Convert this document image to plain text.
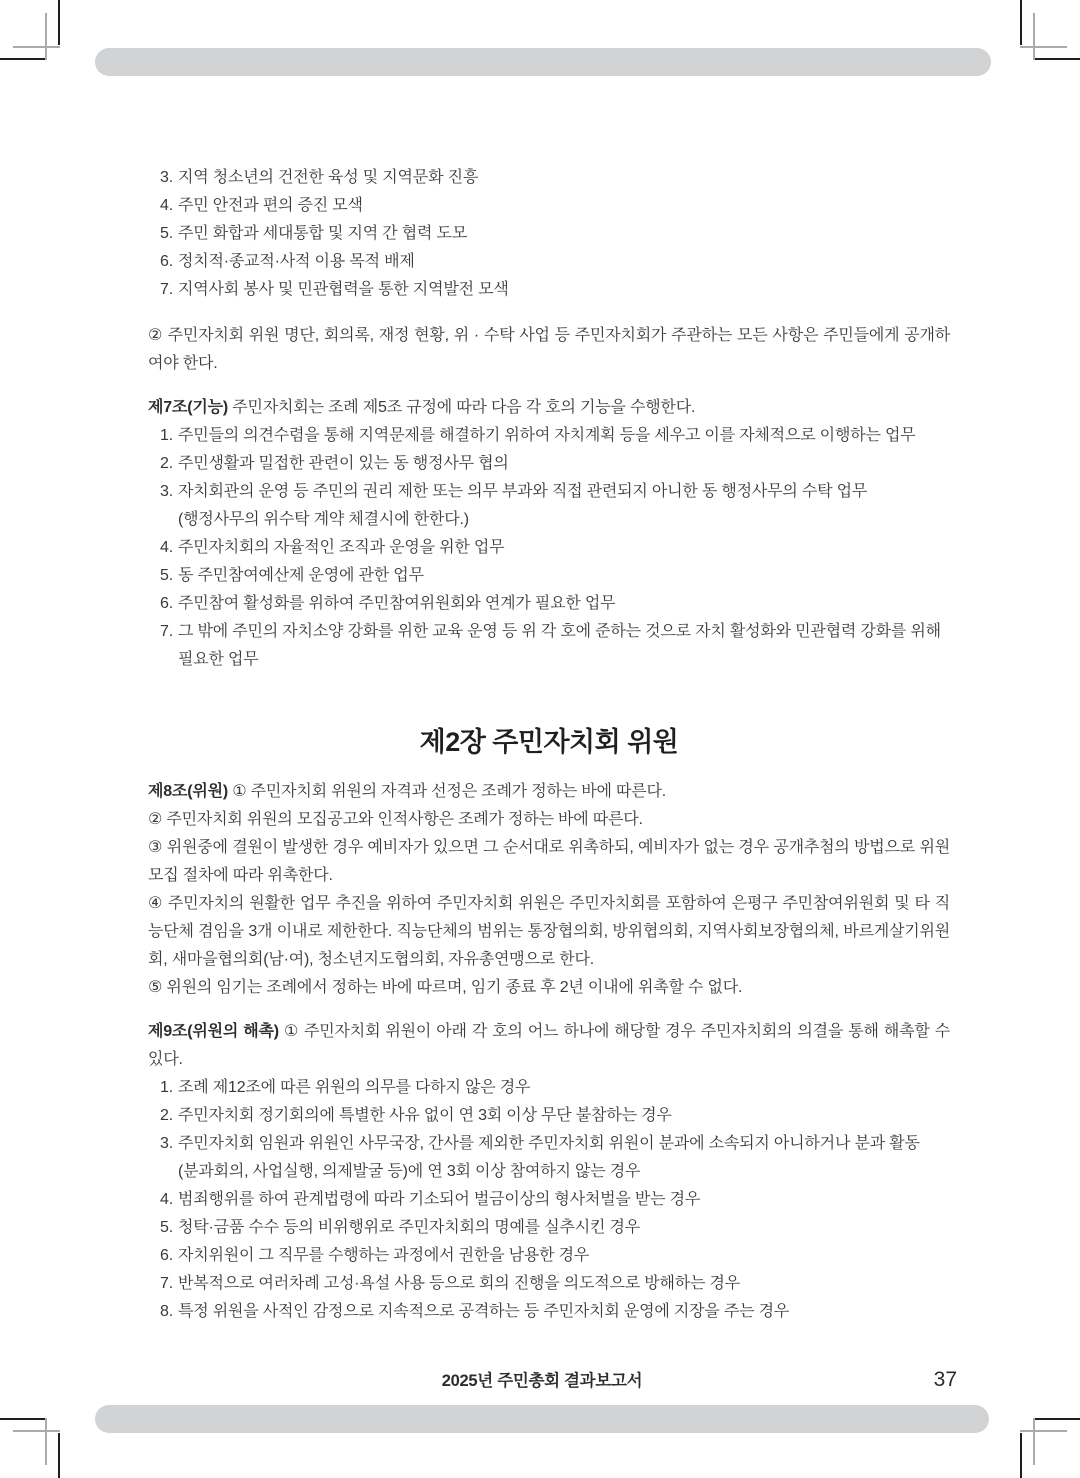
3. 지역 청소년의 건전한 육성 및 지역문화 진흥
4. 주민 안전과 편의 증진 모색
5. 주민 화합과 세대통합 및 지역 간 협력 도모
6. 정치적·종교적·사적 이용 목적 배제
7. 지역사회 봉사 및 민관협력을 통한 지역발전 모색
② 주민자치회 위원 명단, 회의록, 재정 현황, 위 · 수탁 사업 등 주민자치회가 주관하는 모든 사항은 주민들에게 공개하여야 한다.
제7조(기능) 주민자치회는 조례 제5조 규정에 따라 다음 각 호의 기능을 수행한다.
1. 주민들의 의견수렴을 통해 지역문제를 해결하기 위하여 자치계획 등을 세우고 이를 자체적으로 이행하는 업무
2. 주민생활과 밀접한 관련이 있는 동 행정사무 협의
3. 자치회관의 운영 등 주민의 권리 제한 또는 의무 부과와 직접 관련되지 아니한 동 행정사무의 수탁 업무
(행정사무의 위수탁 계약 체결시에 한한다.)
4. 주민자치회의 자율적인 조직과 운영을 위한 업무
5. 동 주민참여예산제 운영에 관한 업무
6. 주민참여 활성화를 위하여 주민참여위원회와 연계가 필요한 업무
7. 그 밖에 주민의 자치소양 강화를 위한 교육 운영 등 위 각 호에 준하는 것으로 자치 활성화와 민관협력 강화를 위해 필요한 업무
제2장 주민자치회 위원
제8조(위원) ① 주민자치회 위원의 자격과 선정은 조례가 정하는 바에 따른다.
② 주민자치회 위원의 모집공고와 인적사항은 조례가 정하는 바에 따른다.
③ 위원중에 결원이 발생한 경우 예비자가 있으면 그 순서대로 위촉하되, 예비자가 없는 경우 공개추첨의 방법으로 위원 모집 절차에 따라 위촉한다.
④ 주민자치의 원활한 업무 추진을 위하여 주민자치회 위원은 주민자치회를 포함하여 은평구 주민참여위원회 및 타 직능단체 겸임을 3개 이내로 제한한다. 직능단체의 범위는 통장협의회, 방위협의회, 지역사회보장협의체, 바르게살기위원회, 새마을협의회(남·여), 청소년지도협의회, 자유총연맹으로 한다.
⑤ 위원의 임기는 조례에서 정하는 바에 따르며, 임기 종료 후 2년 이내에 위촉할 수 없다.
제9조(위원의 해촉) ① 주민자치회 위원이 아래 각 호의 어느 하나에 해당할 경우 주민자치회의 의결을 통해 해촉할 수 있다.
1. 조례 제12조에 따른 위원의 의무를 다하지 않은 경우
2. 주민자치회 정기회의에 특별한 사유 없이 연 3회 이상 무단 불참하는 경우
3. 주민자치회 임원과 위원인 사무국장, 간사를 제외한 주민자치회 위원이 분과에 소속되지 아니하거나 분과 활동
(분과회의, 사업실행, 의제발굴 등)에 연 3회 이상 참여하지 않는 경우
4. 범죄행위를 하여 관계법령에 따라 기소되어 벌금이상의 형사처벌을 받는 경우
5. 청탁·금품 수수 등의 비위행위로 주민자치회의 명예를 실추시킨 경우
6. 자치위원이 그 직무를 수행하는 과정에서 권한을 남용한 경우
7. 반복적으로 여러차례 고성·욕설 사용 등으로 회의 진행을 의도적으로 방해하는 경우
8. 특정 위원을 사적인 감정으로 지속적으로 공격하는 등 주민자치회 운영에 지장을 주는 경우
2025년 주민총회 결과보고서	37
